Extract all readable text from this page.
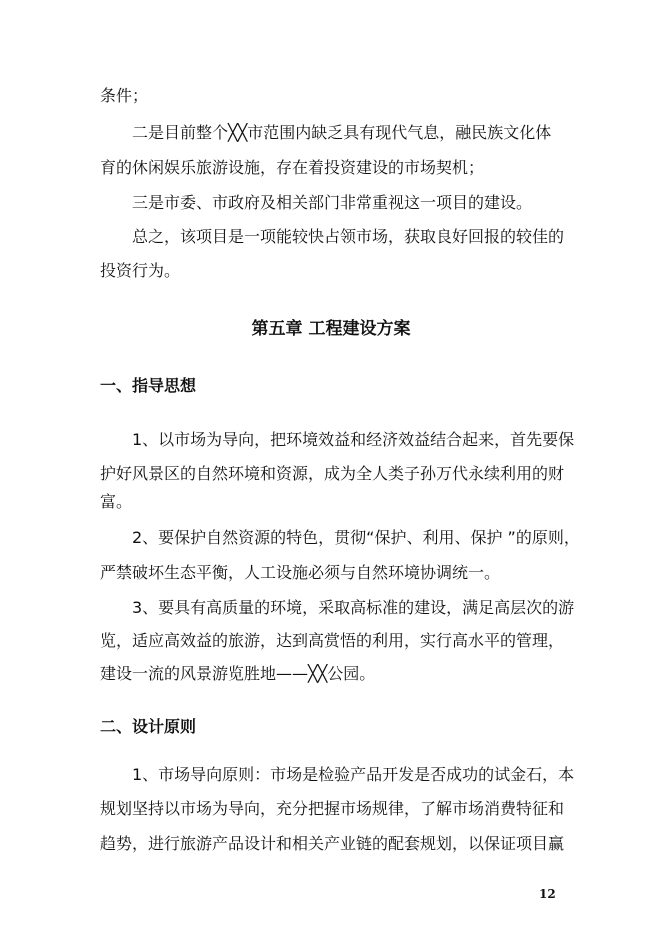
条件；
二是目前整个╳╳市范围内缺乏具有现代气息，融民族文化体
育的休闲娱乐旅游设施，存在着投资建设的市场契机；
三是市委、市政府及相关部门非常重视这一项目的建设。
总之，该项目是一项能较快占领市场，获取良好回报的较佳的
投资行为。
第五章 工程建设方案
一、指导思想
1、以市场为导向，把环境效益和经济效益结合起来，首先要保
护好风景区的自然环境和资源，成为全人类子孙万代永续利用的财
富。
2、要保护自然资源的特色，贯彻“保护、利用、保护 ”的原则，
严禁破坏生态平衡，人工设施必须与自然环境协调统一。
3、要具有高质量的环境，采取高标准的建设，满足高层次的游
览，适应高效益的旅游，达到高赏悟的利用，实行高水平的管理，
建设一流的风景游览胜地——╳╳公园。
二、设计原则
1、市场导向原则：市场是检验产品开发是否成功的试金石，本
规划坚持以市场为导向，充分把握市场规律，了解市场消费特征和
趋势，进行旅游产品设计和相关产业链的配套规划，以保证项目赢
12
